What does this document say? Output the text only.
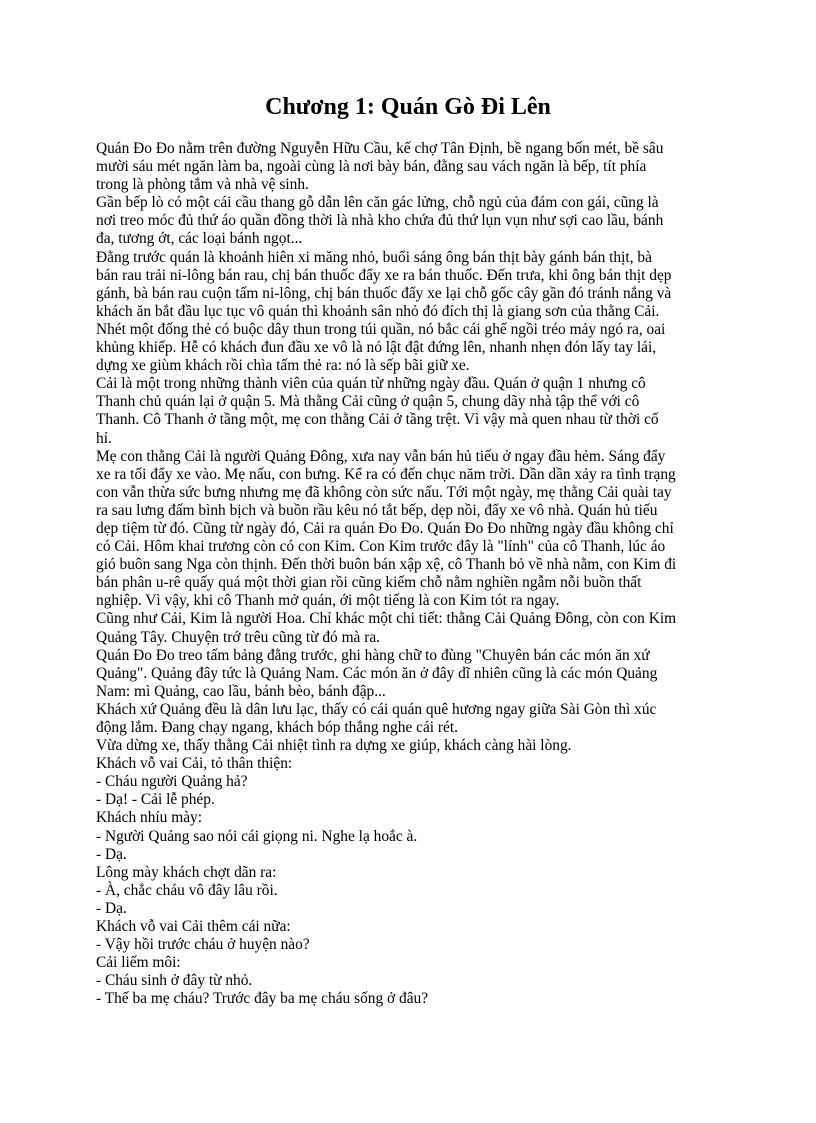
Chương 1: Quán Gò Đi Lên
Quán Đo Đo nằm trên đường Nguyễn Hữu Cầu, kế chợ Tân Định, bề ngang bốn mét, bề sâu
mười sáu mét ngăn làm ba, ngoài cùng là nơi bày bán, đằng sau vách ngăn là bếp, tít phía
trong là phòng tắm và nhà vệ sinh.
Gần bếp lò có một cái cầu thang gỗ dẫn lên căn gác lửng, chỗ ngủ của đám con gái, cũng là
nơi treo móc đủ thứ áo quần đồng thời là nhà kho chứa đủ thứ lụn vụn như sợi cao lầu, bánh
đa, tương ớt, các loại bánh ngọt...
Đằng trước quán là khoảnh hiên xi măng nhỏ, buổi sáng ông bán thịt bày gánh bán thịt, bà
bán rau trải ni-lông bán rau, chị bán thuốc đẩy xe ra bán thuốc. Đến trưa, khi ông bán thịt dẹp
gánh, bà bán rau cuộn tấm ni-lông, chị bán thuốc đẩy xe lại chỗ gốc cây gần đó tránh nắng và
khách ăn bắt đầu lục tục vô quán thì khoảnh sân nhỏ đó đích thị là giang sơn của thằng Cải.
Nhét một đống thẻ có buộc dây thun trong túi quần, nó bắc cái ghế ngồi tréo mảy ngó ra, oai
khủng khiếp. Hễ có khách đun đầu xe vô là nó lật đật đứng lên, nhanh nhẹn đón lấy tay lái,
dựng xe giùm khách rồi chìa tấm thẻ ra: nó là sếp bãi giữ xe.
Cải là một trong những thành viên của quán từ những ngày đầu. Quán ở quận 1 nhưng cô
Thanh chủ quán lại ở quận 5. Mà thằng Cải cũng ở quận 5, chung dãy nhà tập thể với cô
Thanh. Cô Thanh ở tầng một, mẹ con thằng Cải ở tầng trệt. Vì vậy mà quen nhau từ thời cố
hỉ.
Mẹ con thằng Cải là người Quảng Đông, xưa nay vẫn bán hủ tiếu ở ngay đầu hẻm. Sáng đẩy
xe ra tối đẩy xe vào. Mẹ nấu, con bưng. Kể ra có đến chục năm trời. Dần dần xảy ra tình trạng
con vẫn thừa sức bưng nhưng mẹ đã không còn sức nấu. Tới một ngày, mẹ thằng Cải quài tay
ra sau lưng đấm bình bịch và buồn rầu kêu nó tắt bếp, dẹp nồi, đẩy xe vô nhà. Quán hủ tiếu
dẹp tiệm từ đó. Cũng từ ngày đó, Cải ra quán Đo Đo. Quán Đo Đo những ngày đầu không chỉ
có Cải. Hôm khai trương còn có con Kim. Con Kim trước đây là "lính" của cô Thanh, lúc áo
gió buôn sang Nga còn thịnh. Đến thời buôn bán xập xệ, cô Thanh bỏ về nhà nằm, con Kim đi
bán phân u-rê quấy quá một thời gian rồi cũng kiếm chỗ nằm nghiền ngẫm nỗi buồn thất
nghiệp. Vì vậy, khi cô Thanh mở quán, ới một tiếng là con Kim tót ra ngay.
Cũng như Cải, Kim là người Hoa. Chỉ khác một chi tiết: thằng Cải Quảng Đông, còn con Kim
Quảng Tây. Chuyện trớ trêu cũng từ đó mà ra.
Quán Đo Đo treo tấm bảng đằng trước, ghi hàng chữ to đùng "Chuyên bán các món ăn xứ
Quảng". Quảng đây tức là Quảng Nam. Các món ăn ở đây dĩ nhiên cũng là các món Quảng
Nam: mì Quảng, cao lầu, bánh bèo, bánh đập...
Khách xứ Quảng đều là dân lưu lạc, thấy có cái quán quê hương ngay giữa Sài Gòn thì xúc
động lắm. Đang chạy ngang, khách bóp thắng nghe cái rét.
Vừa dừng xe, thấy thằng Cải nhiệt tình ra dựng xe giúp, khách càng hài lòng.
Khách vỗ vai Cải, tỏ thân thiện:
- Cháu người Quảng hả?
- Dạ! - Cải lễ phép.
Khách nhíu mày:
- Người Quảng sao nói cái giọng ni. Nghe lạ hoắc à.
- Dạ.
Lông mày khách chợt dãn ra:
- À, chắc cháu vô đây lâu rồi.
- Dạ.
Khách vỗ vai Cải thêm cái nữa:
- Vậy hồi trước cháu ở huyện nào?
Cải liếm môi:
- Cháu sinh ở đây từ nhỏ.
- Thế ba mẹ cháu? Trước đây ba mẹ cháu sống ở đâu?
